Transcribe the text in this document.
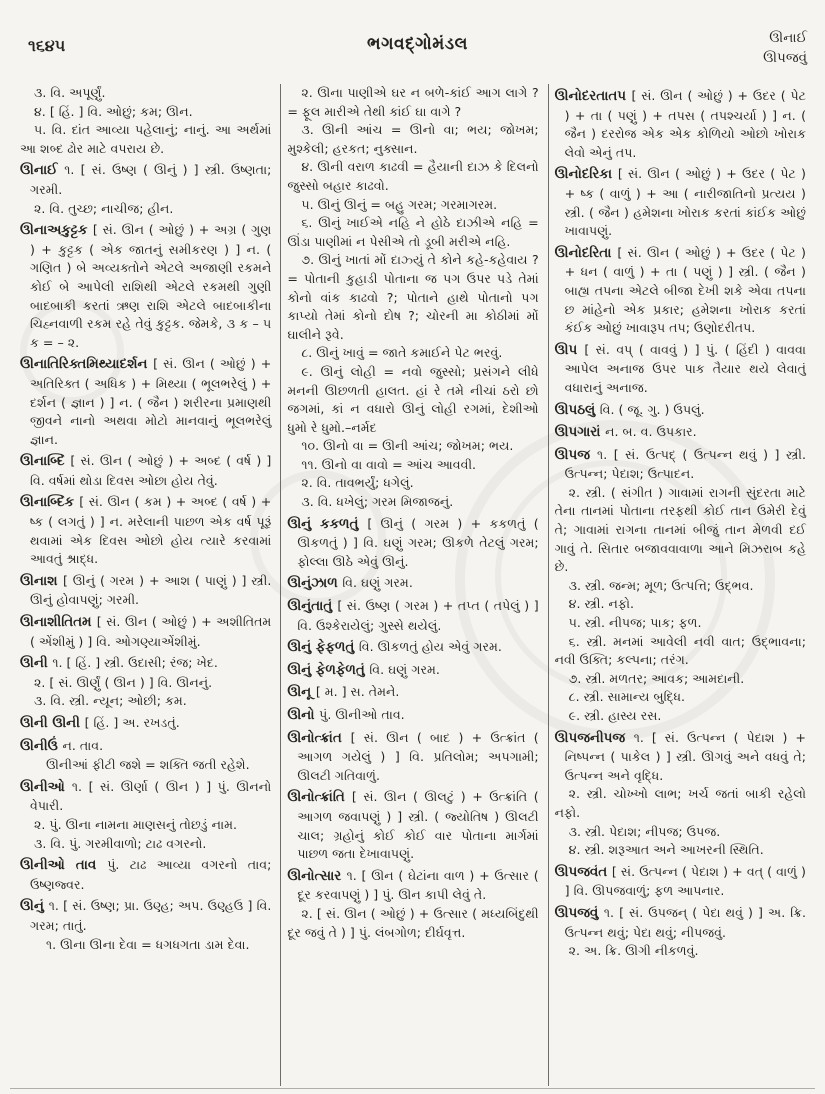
૧૬૪૫	ભગવદ્ગોમંડલ	ઊનાઈ
ઊપજવું

૩. વિ. અપૂર્ણું.

૪. [ હિં. ] વિ. ઓછું; કમ; ઊન.

૫. વિ. દાંત આવ્યા પહેલાનું; નાનું. આ અર્થમાં આ શબ્દ ઢોર માટે વપરાય છે.

ઊનાઈ ૧. [ સં. ઉષ્ણ ( ઊનું ) ] સ્ત્રી. ઉષ્ણતા; ગરમી.

૨. વિ. તુચ્છ; નાચીજ; હીન.

ઊનાઅકુટ્ટક [ સં. ઊન ( ઓછું ) + અગ્ર ( ગુણ ) + કુટ્ટક ( એક જાતનું સમીકરણ ) ] ન. ( ગણિત ) બે અવ્યક્તોને એટલે અજાણી રકમને કોઈ બે આપેલી રાશિથી એટલે રકમથી ગુણી બાદબાકી કરતાં ઋણ રાશિ એટલે બાદબાકીના ચિહ્નવાળી રકમ રહે તેવું કુટ્ટક. જેમકે, ૩ ક – ૫ ક = – ૨.

ઊનાતિરિક્તમિથ્યાદર્શન [ સં. ઊન ( ઓછું ) + અતિરિક્ત ( અધિક ) + મિથ્યા ( ભૂલભરેલું ) + દર્શન ( જ્ઞાન ) ] ન. ( જૈન ) શરીરના પ્રમાણથી જીવને નાનો અથવા મોટો માનવાનું ભૂલભરેલું જ્ઞાન.

ઊનાબ્દિ [ સં. ઊન ( ઓછું ) + અબ્દ ( વર્ષ ) ] વિ. વર્ષમાં થોડા દિવસ ઓછા હોય તેવું.

ઊનાબ્દિક [ સં. ઊન ( કમ ) + અબ્દ ( વર્ષ ) + ષ્ક ( લગતું ) ] ન. મરેલાની પાછળ એક વર્ષ પૂરૂં થવામાં એક દિવસ ઓછો હોય ત્યારે કરવામાં આવતું શ્રાદ્ધ.

ઊનાશ [ ઊનું ( ગરમ ) + આશ ( પાણું ) ] સ્ત્રી. ઊનું હોવાપણું; ગરમી.

ઊનાશીતિતમ [ સં. ઊન ( ઓછું ) + અશીતિતમ ( એંશીમું ) ] વિ. ઓગણ્યાએંશીમું.

ઊની ૧. [ હિં. ] સ્ત્રી. ઉદાસી; રંજ; ખેદ.

૨. [ સં. ઊર્ણું ( ઊન ) ] વિ. ઊનનું.

૩. વિ. સ્ત્રી. ન્યૂન; ઓછી; કમ.

ઊની ઊની [ હિં. ] અ. રખડતું.

ઊનીઉં ન. તાવ.

ઊનીઆં ફીટી જશે = શક્તિ જતી રહેશે.

ઊનીઓ ૧. [ સં. ઊર્ણા ( ઊન ) ] પું. ઊનનો વેપારી.

૨. પું. ઊના નામના માણસનું તોછડું નામ.

૩. વિ. પું. ગરમીવાળો; ટાઢ વગરનો.

ઊનીઓ તાવ પું. ટાઢ આવ્યા વગરનો તાવ; ઉષ્ણજ્વર.

ઊનું ૧. [ સં. ઉષ્ણ; પ્રા. ઉણ્હ; અપ. ઉણ્હઉ ] વિ. ગરમ; તાતું.

૧. ઊના ઊના દેવા = ધગધગતા ડામ દેવા.

૨. ઊના પાણીએ ઘર ન બળે-કાંઈ આગ લાગે ? = ફૂલ મારીએ તેથી કાંઈ ઘા વાગે ?

૩. ઊની આંચ = ઊનો વા; ભય; જોખમ; મુશ્કેલી; હરકત; નુક્સાન.

૪. ઊની વરાળ કાઢવી = હૈયાની દાઝ કે દિલનો જુસ્સો બહાર કાઢવો.

૫. ઊનું ઊનું = બહુ ગરમ; ગરમાગરમ.

૬. ઊનું ખાઈએ નહિ ને હોઠે દાઝીએ નહિ = ઊંડા પાણીમાં ન પેસીએ તો ડૂબી મરીએ નહિ.

૭. ઊનું ખાતાં મોં દાઝ્યું તે કોને કહે-કહેવાય ? = પોતાની કુહાડી પોતાના જ પગ ઉપર પડે તેમાં કોનો વાંક કાઢવો ?; પોતાને હાથે પોતાનો પગ કાપ્યો તેમાં કોનો દોષ ?; ચોરની મા કોઠીમાં મોં ઘાલીને રૂવે.

૮. ઊનું ખાવું = જાતે કમાઈને પેટ ભરવું.

૯. ઊનું લોહી = નવો જુસ્સો; પ્રસંગને લીધે મનની ઊછળતી હાલત. હાં રે તમે નીચાં ઠરો છો જગમાં, કાં ન વધારો ઊનું લોહી રગમાં, દેશીઓ ધુમો રે ધુમો.–નર્મદ

૧૦. ઊનો વા = ઊની આંચ; જોખમ; ભય.

૧૧. ઊનો વા વાવો = આંચ આવવી.

૨. વિ. તાવભર્યું; ધગેલું.

૩. વિ. ધખેલું; ગરમ મિજાજનું.

ઊનું કકળતું [ ઊનું ( ગરમ ) + કકળતું ( ઊકળતું ) ] વિ. ઘણું ગરમ; ઊકળે તેટલું ગરમ; ફોલ્લા ઊઠે એવું ઊનું.

ઊનુંઝાળ વિ. ઘણું ગરમ.

ઊનુંતાતું [ સં. ઉષ્ણ ( ગરમ ) + તપ્ત ( તપેલું ) ] વિ. ઉશ્કેરાયેલું; ગુસ્સે થયેલું.

ઊનું ફેફળતું વિ. ઊકળતું હોય એવું ગરમ.

ઊનું ફેળફેળતું વિ. ઘણું ગરમ.

ઊનૂ [ મ. ] સ. તેમને.

ઊનો પું. ઊનીઓ તાવ.

ઊનોત્ક્રાંત [ સં. ઊન ( બાદ ) + ઉત્ક્રાંત ( આગળ ગયેલું ) ] વિ. પ્રતિલોમ; અપગામી; ઊલટી ગતિવાળું.

ઊનોત્ક્રાંતિ [ સં. ઊન ( ઊલટું ) + ઉત્ક્રાંતિ ( આગળ જવાપણું ) ] સ્ત્રી. ( જ્યોતિષ ) ઊલટી ચાલ; ગ્રહોનું કોઈ કોઈ વાર પોતાના માર્ગમાં પાછળ જતા દેખાવાપણું.

ઊનોત્સાર ૧. [ ઊન ( ઘેટાંના વાળ ) + ઉત્સાર ( દૂર કરવાપણું ) ] પું. ઊન કાપી લેવું તે.

૨. [ સં. ઊન ( ઓછું ) + ઉત્સાર ( મધ્યબિંદુથી દૂર જવું તે ) ] પું. લંબગોળ; દીર્ઘવૃત્ત.

ઊનોદરતાતપ [ સં. ઊન ( ઓછું ) + ઉદર ( પેટ ) + તા ( પણું ) + તપસ ( તપશ્ચર્યા ) ] ન. ( જૈન ) દરરોજ એક એક કોળિયો ઓછો ખોરાક લેવો એનું તપ.

ઊનોદરિકા [ સં. ઊન ( ઓછું ) + ઉદર ( પેટ ) + ષ્ક ( વાળું ) + આ ( નારીજાતિનો પ્રત્યય ) સ્ત્રી. ( જૈન ) હમેશના ખોરાક કરતાં કાંઈક ઓછું ખાવાપણું.

ઊનોદરિતા [ સં. ઊન ( ઓછું ) + ઉદર ( પેટ ) + ધન ( વાળું ) + તા ( પણું ) ] સ્ત્રી. ( જૈન ) બાહ્ય તપના એટલે બીજા દેખી શકે એવા તપના છ માંહેનો એક પ્રકાર; હમેશના ખોરાક કરતાં કંઈક ઓછું ખાવારૂપ તપ; ઉણોદરીતપ.

ઊપ [ સં. વપ્ ( વાવવું ) ] પું. ( હિંદી ) વાવવા આપેલ અનાજ ઉપર પાક તૈયાર થયે લેવાતું વધારાનું અનાજ.

ઊપઠલું વિ. ( જૂ. ગુ. ) ઉપલું.

ઊપગારાં ન. બ. વ. ઉપકાર.

ઊપજ ૧. [ સં. ઉત્પદ્ ( ઉત્પન્ન થવું ) ] સ્ત્રી. ઉત્પન્ન; પેદાશ; ઉત્પાદન.

૨. સ્ત્રી. ( સંગીત ) ગાવામાં રાગની સુંદરતા માટે તેના તાનમાં પોતાના તરફથી કોઈ તાન ઉમેરી દેવું તે; ગાવામાં રાગના તાનમાં બીજું તાન મેળવી દઈ ગાવું તે. સિતાર બજાવવાવાળા આને મિઝરાબ કહે છે.

૩. સ્ત્રી. જન્મ; મૂળ; ઉત્પત્તિ; ઉદ્ભવ.

૪. સ્ત્રી. નફો.

૫. સ્ત્રી. નીપજ; પાક; ફળ.

૬. સ્ત્રી. મનમાં આવેલી નવી વાત; ઉદ્ભાવના; નવી ઉક્તિ; કલ્પના; તરંગ.

૭. સ્ત્રી. મળતર; આવક; આમદાની.

૮. સ્ત્રી. સામાન્ય બુદ્ધિ.

૯. સ્ત્રી. હાસ્ય રસ.

ઊપજનીપજ ૧. [ સં. ઉત્પન્ન ( પેદાશ ) + નિષ્પન્ન ( પાકેલ ) ] સ્ત્રી. ઊગવું અને વધવું તે; ઉત્પન્ન અને વૃદ્ધિ.

૨. સ્ત્રી. ચોખ્ખો લાભ; ખર્ચ જતાં બાકી રહેલો નફો.

૩. સ્ત્રી. પેદાશ; નીપજ; ઉપજ.

૪. સ્ત્રી. શરૂઆત અને આખરની સ્થિતિ.

ઊપજવંત [ સં. ઉત્પન્ન ( પેદાશ ) + વત્ ( વાળું ) ] વિ. ઊપજવાળું; ફળ આપનાર.

ઊપજવું ૧. [ સં. ઉપજન્ ( પેદા થવું ) ] અ. ક્રિ. ઉત્પન્ન થવું; પેદા થવું; નીપજવું.

૨. અ. ક્રિ. ઊગી નીકળવું.
